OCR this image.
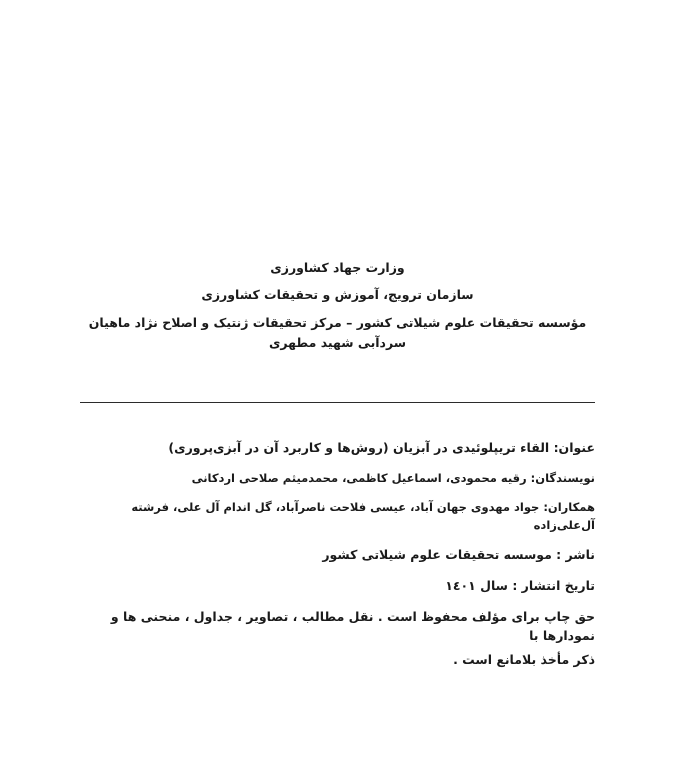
وزارت جهاد کشاورزی
سازمان ترویج، آموزش و تحقیقات کشاورزی
مؤسسه تحقیقات علوم شیلاتی کشور – مرکز تحقیقات ژنتیک و اصلاح نژاد ماهیان سردآبی شهید مطهری
عنوان: القاء تریپلوئیدی در آبزیان (روش‌ها و کاربرد آن در آبزی‌پروری)
نویسندگان: رقیه محمودی، اسماعیل کاظمی، محمدمیثم صلاحی اردکانی
همکاران: جواد مهدوی جهان آباد، عیسی فلاحت ناصرآباد، گل اندام آل علی، فرشته آل‌علی‌زاده
ناشر : موسسه تحقیقات علوم شیلاتی کشور
تاریخ انتشار : سال ١٤٠١
حق چاپ برای مؤلف محفوظ است . نقل مطالب ، تصاویر ، جداول ، منحنی ها و نمودارها با
ذکر مأخذ بلامانع است .
